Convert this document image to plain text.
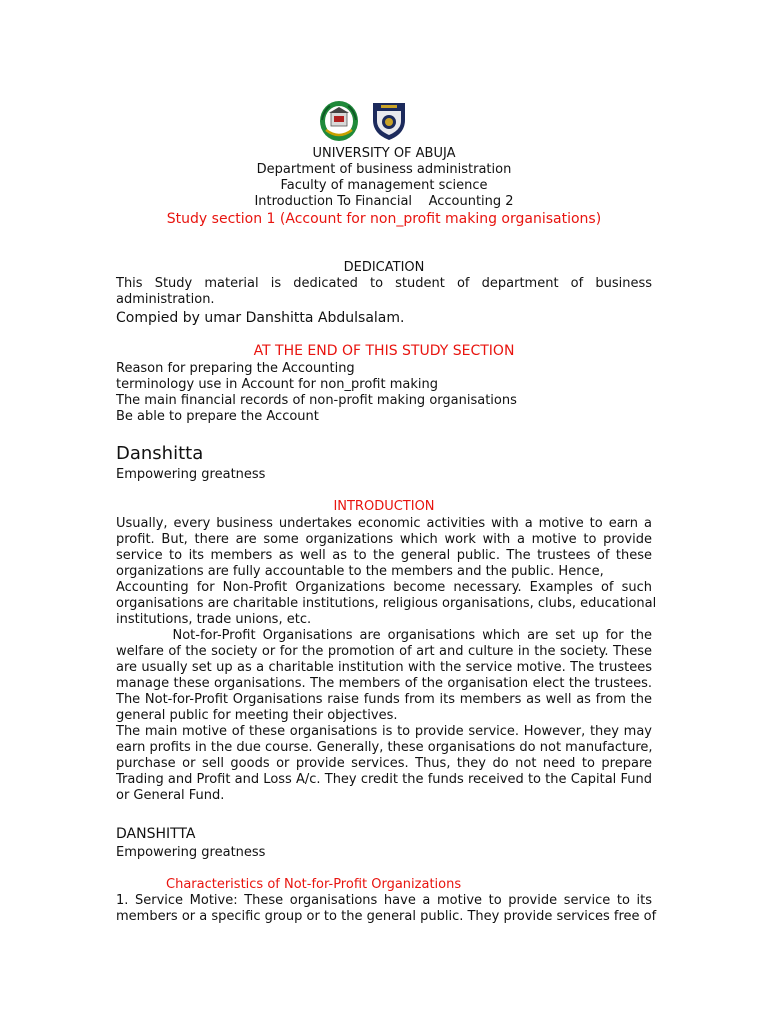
UNIVERSITY OF ABUJA
Department of business administration
Faculty of management science
Introduction To Financial    Accounting 2
Study section 1 (Account for non_profit making organisations)
DEDICATION
This Study material is dedicated to student of department of business
administration.
Compied by umar Danshitta Abdulsalam.
AT THE END OF THIS STUDY SECTION
Reason for preparing the Accounting
terminology use in Account for non_profit making
The main financial records of non-profit making organisations
Be able to prepare the Account
Danshitta
Empowering greatness
INTRODUCTION
Usually, every business undertakes economic activities with a motive to earn a
profit. But, there are some organizations which work with a motive to provide
service to its members as well as to the general public. The trustees of these
organizations are fully accountable to the members and the public. Hence,
Accounting for Non-Profit Organizations become necessary. Examples of such
organisations are charitable institutions, religious organisations, clubs, educational
institutions, trade unions, etc.
Not-for-Profit Organisations are organisations which are set up for the
welfare of the society or for the promotion of art and culture in the society. These
are usually set up as a charitable institution with the service motive. The trustees
manage these organisations. The members of the organisation elect the trustees.
The Not-for-Profit Organisations raise funds from its members as well as from the
general public for meeting their objectives.
The main motive of these organisations is to provide service. However, they may
earn profits in the due course. Generally, these organisations do not manufacture,
purchase or sell goods or provide services. Thus, they do not need to prepare
Trading and Profit and Loss A/c. They credit the funds received to the Capital Fund
or General Fund.
DANSHITTA
Empowering greatness
Characteristics of Not-for-Profit Organizations
1. Service Motive: These organisations have a motive to provide service to its
members or a specific group or to the general public. They provide services free of
